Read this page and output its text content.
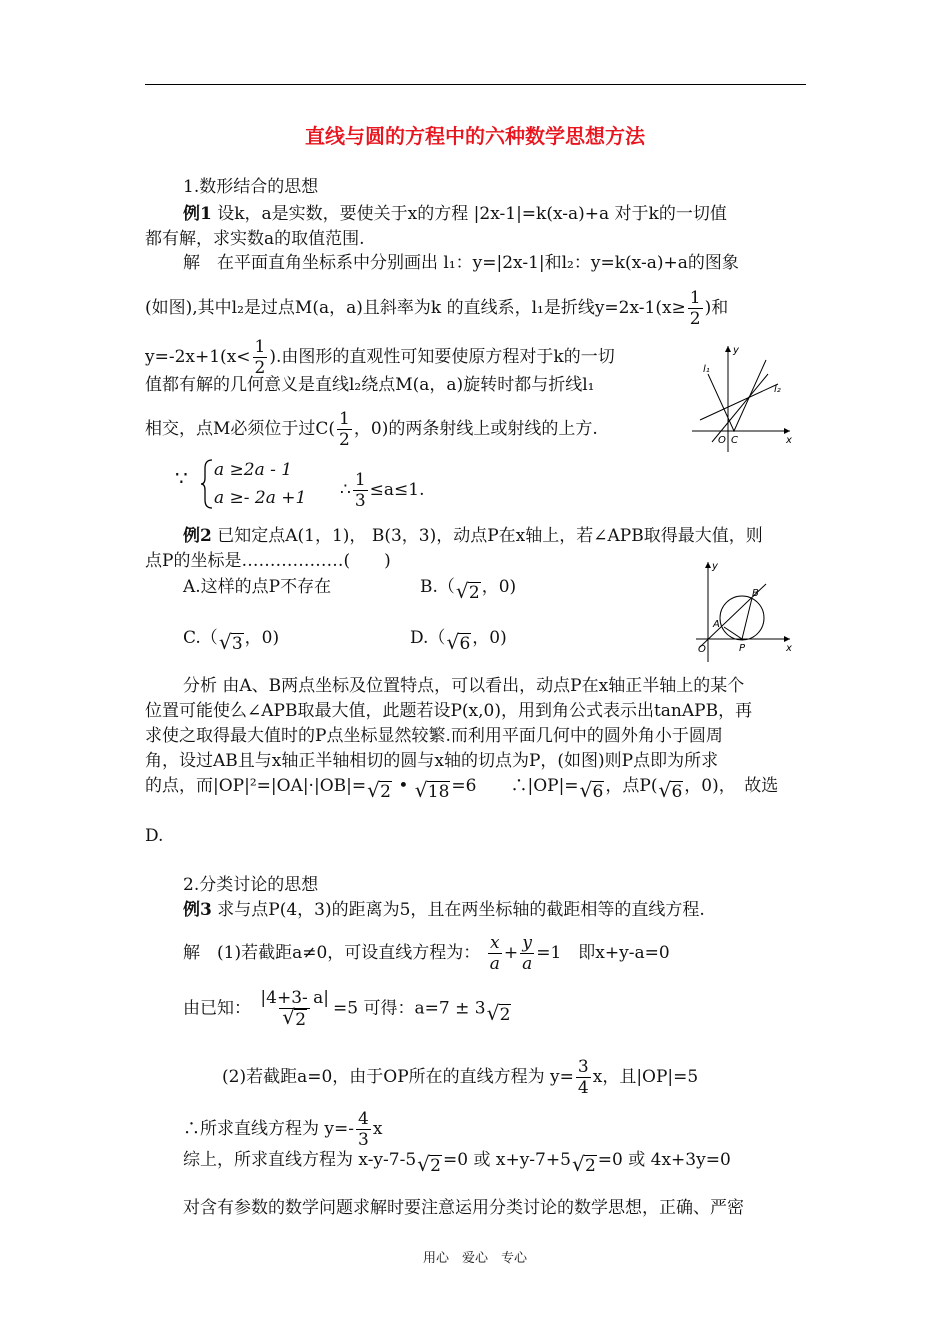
直线与圆的方程中的六种数学思想方法
1.数形结合的思想
例1 设k，a是实数，要使关于x的方程 |2x-1|=k(x-a)+a 对于k的一切值
都有解，求实数a的取值范围.
解　在平面直角坐标系中分别画出 l₁：y=|2x-1|和l₂：y=k(x-a)+a的图象
(如图),其中l₂是过点M(a，a)且斜率为k 的直线系，l₁是折线$y=2x-1(x\ge \frac{1}{2}$ )和
$y=-2x+1(x< \frac{1}{2}$ ).由图形的直观性可知要使原方程对于k的一切
值都有解的几何意义是直线l₂绕点M(a，a)旋转时都与折线l₁
相交，点M必须位于过$C( \frac{1}{2}$ ，0)的两条射线上或射线的上方.
∵ a ≥2a - 1
a ≥- 2a +1 ∴ $\frac{1}{3} \le a\le 1$.
y
x
O C
l₁
l₂
例2 已知定点A(1，1)， B(3，3)，动点P在x轴上，若∠APB取得最大值，则
点P的坐标是………………(　　)
A.这样的点P不存在	B.（ √ 2 ，0)
C.（ √ 3 ，0)	D.（ √ 6 ，0)
y
x
O
A
B
P
分析 由A、B两点坐标及位置特点，可以看出，动点P在x轴正半轴上的某个
位置可能使么∠APB取最大值，此题若设P(x,0)，用到角公式表示出tanAPB，再
求使之取得最大值时的P点坐标显然较繁.而利用平面几何中的圆外角小于圆周
角，设过AB且与x轴正半轴相切的圆与x轴的切点为P，(如图)则P点即为所求
的点，而|OP|²=|OA|·|OB|= √ 2 • √ 18 =6　　∴|OP|= √ 6 ，点P( √ 6 ，0)，　故选
D.
2.分类讨论的思想
例3 求与点P(4，3)的距离为5，且在两坐标轴的截距相等的直线方程.
解　(1)若截距a≠0，可设直线方程为： $\frac{x}{a} + \frac{y}{a} =1$　即x+y-a=0
由已知： |4+3- a|
√ 2 =5 可得：a=7 ± 3 √ 2
(2)若截距a=0，由于OP所在的直线方程为 $y= \frac{3}{4}$ x，且|OP|=5
∴所求直线方程为 $y=- \frac{4}{3}$ x
综上，所求直线方程为 x-y-7-5 √ 2 =0 或 x+y-7+5 √ 2 =0 或 4x+3y=0
对含有参数的数学问题求解时要注意运用分类讨论的数学思想，正确、严密
用心　爱心　专心
